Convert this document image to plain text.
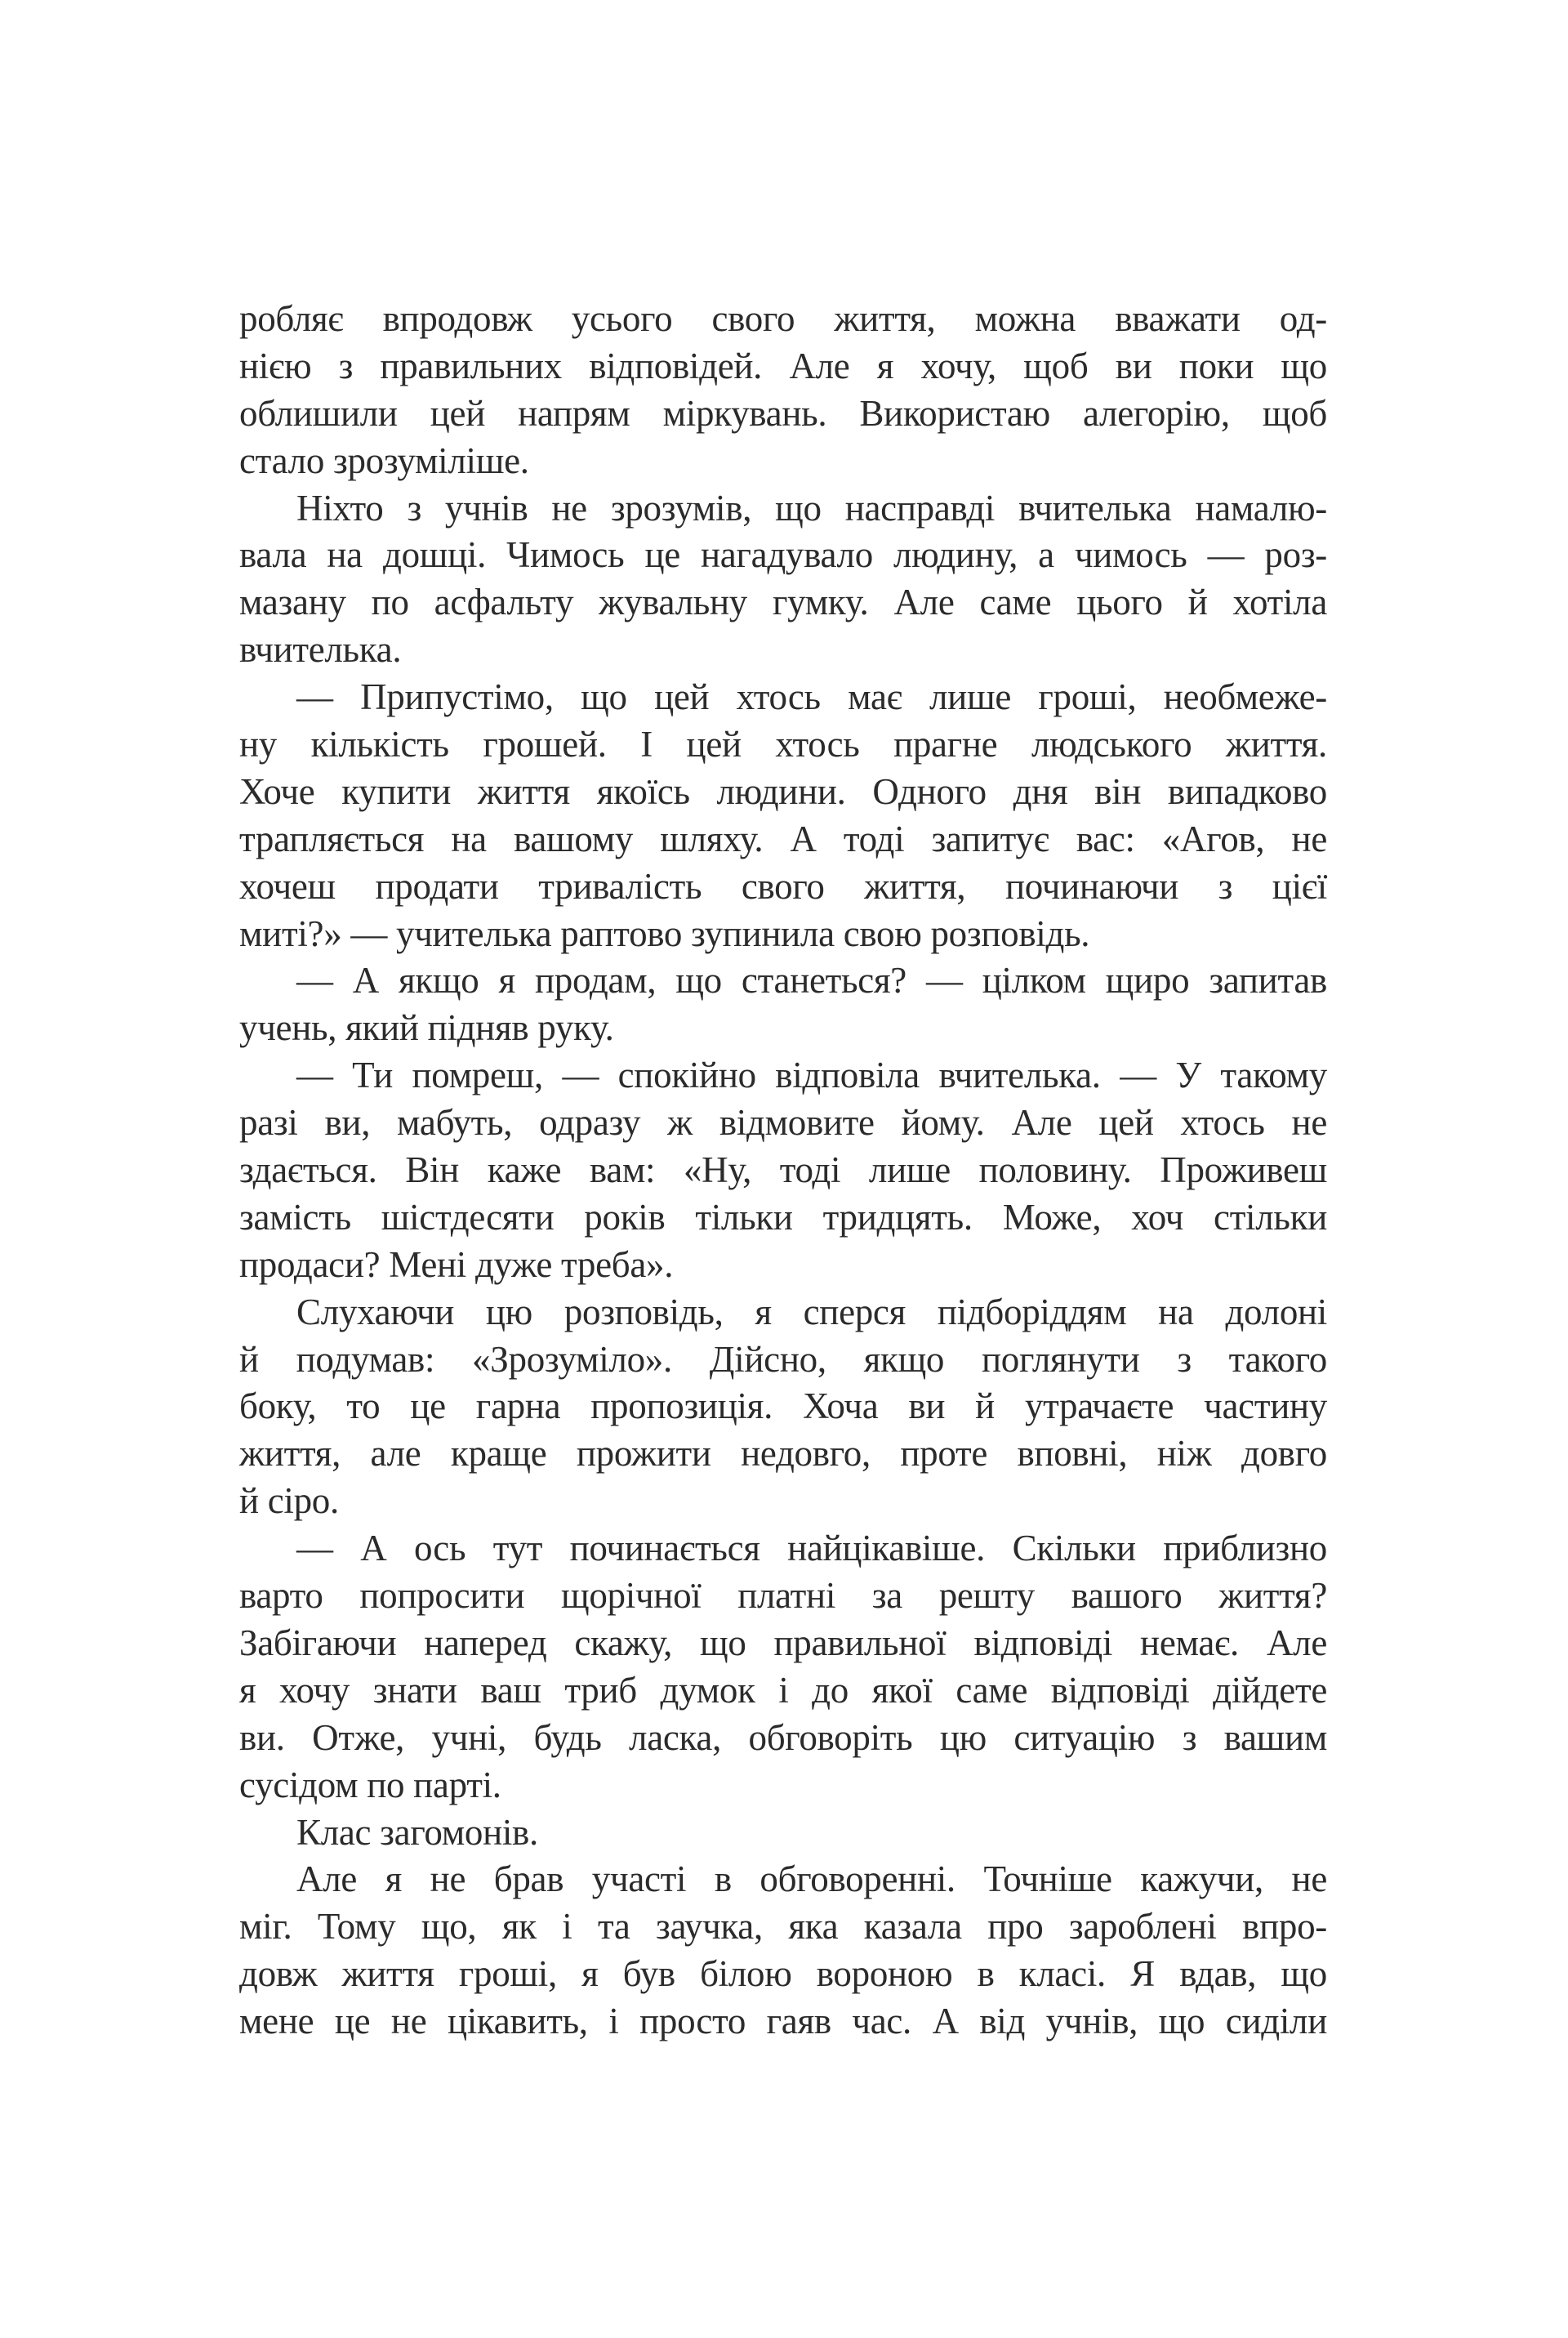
робляє впродовж усього свого життя, можна вважати од-
нією з правильних відповідей. Але я хочу, щоб ви поки що
облишили цей напрям міркувань. Використаю алегорію, щоб
стало зрозуміліше.
Ніхто з учнів не зрозумів, що насправді вчителька намалю-
вала на дошці. Чимось це нагадувало людину, а чимось — роз-
мазану по асфальту жувальну гумку. Але саме цього й хотіла
вчителька.
— Припустімо, що цей хтось має лише гроші, необмеже-
ну кількість грошей. І цей хтось прагне людського життя.
Хоче купити життя якоїсь людини. Одного дня він випадково
трапляється на вашому шляху. А тоді запитує вас: «Агов, не
хочеш продати тривалість свого життя, починаючи з цієї
миті?» — учителька раптово зупинила свою розповідь.
— А якщо я продам, що станеться? — цілком щиро запитав
учень, який підняв руку.
— Ти помреш, — спокійно відповіла вчителька. — У такому
разі ви, мабуть, одразу ж відмовите йому. Але цей хтось не
здається. Він каже вам: «Ну, тоді лише половину. Проживеш
замість шістдесяти років тільки тридцять. Може, хоч стільки
продаси? Мені дуже треба».
Слухаючи цю розповідь, я сперся підборіддям на долоні
й подумав: «Зрозуміло». Дійсно, якщо поглянути з такого
боку, то це гарна пропозиція. Хоча ви й утрачаєте частину
життя, але краще прожити недовго, проте вповні, ніж довго
й сіро.
— А ось тут починається найцікавіше. Скільки приблизно
варто попросити щорічної платні за решту вашого життя?
Забігаючи наперед скажу, що правильної відповіді немає. Але
я хочу знати ваш триб думок і до якої саме відповіді дійдете
ви. Отже, учні, будь ласка, обговоріть цю ситуацію з вашим
сусідом по парті.
Клас загомонів.
Але я не брав участі в обговоренні. Точніше кажучи, не
міг. Тому що, як і та заучка, яка казала про зароблені впро-
довж життя гроші, я був білою вороною в класі. Я вдав, що
мене це не цікавить, і просто гаяв час. А від учнів, що сиділи
